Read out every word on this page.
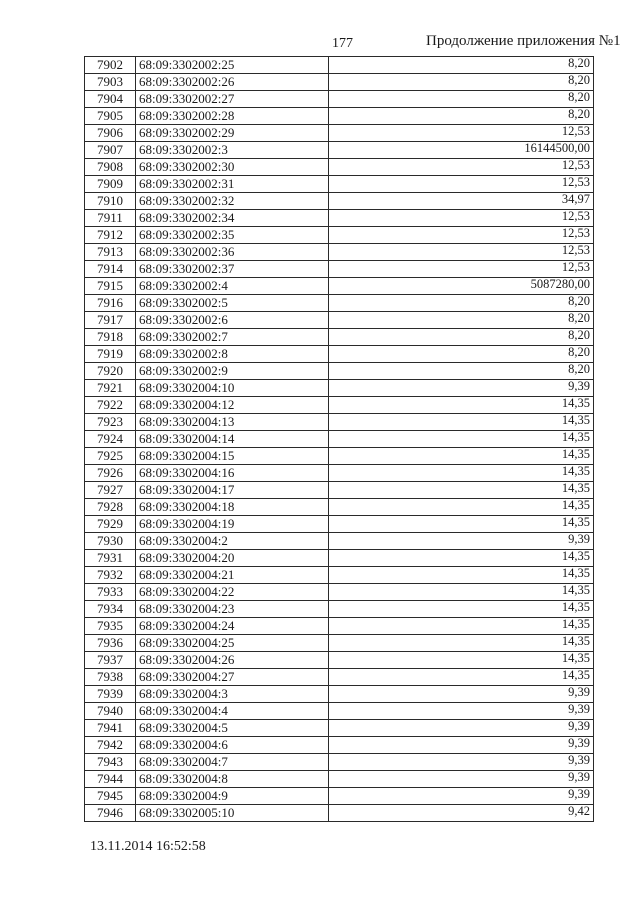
177	Продолжение приложения №1
7902	68:09:3302002:25	8,20
7903	68:09:3302002:26	8,20
7904	68:09:3302002:27	8,20
7905	68:09:3302002:28	8,20
7906	68:09:3302002:29	12,53
7907	68:09:3302002:3	16144500,00
7908	68:09:3302002:30	12,53
7909	68:09:3302002:31	12,53
7910	68:09:3302002:32	34,97
7911	68:09:3302002:34	12,53
7912	68:09:3302002:35	12,53
7913	68:09:3302002:36	12,53
7914	68:09:3302002:37	12,53
7915	68:09:3302002:4	5087280,00
7916	68:09:3302002:5	8,20
7917	68:09:3302002:6	8,20
7918	68:09:3302002:7	8,20
7919	68:09:3302002:8	8,20
7920	68:09:3302002:9	8,20
7921	68:09:3302004:10	9,39
7922	68:09:3302004:12	14,35
7923	68:09:3302004:13	14,35
7924	68:09:3302004:14	14,35
7925	68:09:3302004:15	14,35
7926	68:09:3302004:16	14,35
7927	68:09:3302004:17	14,35
7928	68:09:3302004:18	14,35
7929	68:09:3302004:19	14,35
7930	68:09:3302004:2	9,39
7931	68:09:3302004:20	14,35
7932	68:09:3302004:21	14,35
7933	68:09:3302004:22	14,35
7934	68:09:3302004:23	14,35
7935	68:09:3302004:24	14,35
7936	68:09:3302004:25	14,35
7937	68:09:3302004:26	14,35
7938	68:09:3302004:27	14,35
7939	68:09:3302004:3	9,39
7940	68:09:3302004:4	9,39
7941	68:09:3302004:5	9,39
7942	68:09:3302004:6	9,39
7943	68:09:3302004:7	9,39
7944	68:09:3302004:8	9,39
7945	68:09:3302004:9	9,39
7946	68:09:3302005:10	9,42
13.11.2014 16:52:58
